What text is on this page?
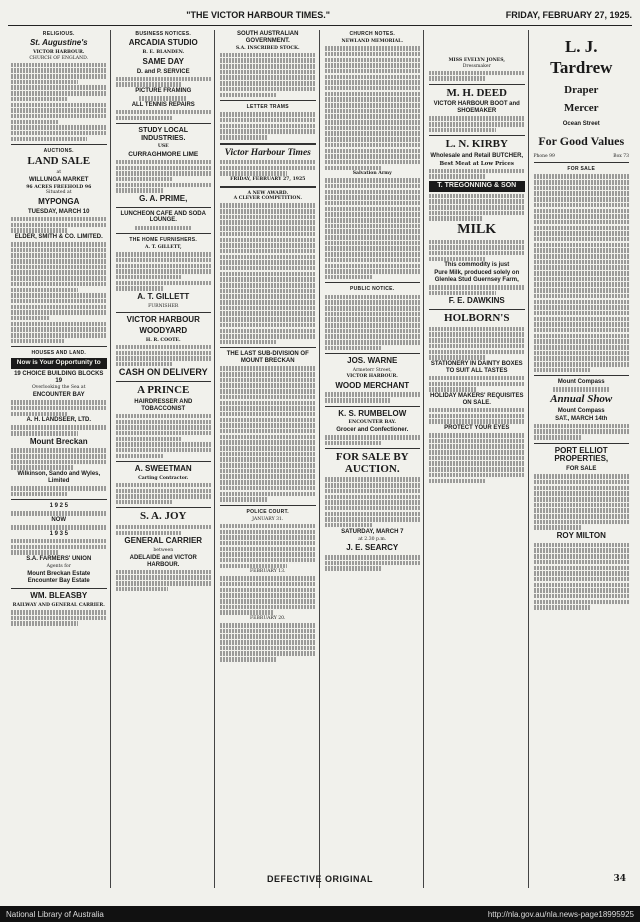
"THE VICTOR HARBOUR TIMES."	FRIDAY, FEBRUARY 27, 1925.
RELIGIOUS.
St. Augustine's
VICTOR HARBOUR.
CHURCH OF ENGLAND.
AUCTIONS.
LAND SALE
at
WILLUNGA MARKET
96 ACRES FREEHOLD 96
Situated at
MYPONGA
TUESDAY, MARCH 10
ELDER, SMITH & CO. LIMITED.
HOUSES AND LAND.
Now is Your Opportunity to
19 CHOICE BUILDING BLOCKS 19
Overlooking the Sea at
ENCOUNTER BAY
A. H. LANDSEER, LTD.
Mount Breckan
Wilkinson, Sando and Wyles, Limited
1 9 2 5
NOW
1 9 3 5
S.A. FARMERS' UNION
Agents for
Mount Breckan Estate
Encounter Bay Estate
WM. BLEASBY
RAILWAY AND GENERAL CARRIER.
BUSINESS NOTICES.
ARCADIA STUDIO
B. E. BLANDEN.
SAME DAY
D. and P. SERVICE
PICTURE FRAMING
ALL TENNIS REPAIRS
STUDY LOCAL INDUSTRIES.
USE
CURRAGHMORE LIME
G. A. PRIME,
LUNCHEON CAFE AND SODA LOUNGE.
THE HOME FURNISHERS.
A. T. GILLETT,
A. T. GILLETT
FURNISHER
VICTOR HARBOUR
WOODYARD
H. R. COOTE.
CASH ON DELIVERY
A PRINCE
HAIRDRESSER AND TOBACCONIST
A. SWEETMAN
Carting Contractor.
S. A. JOY
GENERAL CARRIER
between
ADELAIDE and VICTOR HARBOUR.
SOUTH AUSTRALIAN GOVERNMENT.
S.A. INSCRIBED STOCK.
LETTER TRAMS
Victor Harbour Times
FRIDAY, FEBRUARY 27, 1925
A NEW AWARD.
A CLEVER COMPETITION.
THE LAST SUB-DIVISION OF MOUNT BRECKAN
POLICE COURT.
JANUARY 31.
FEBRUARY 13.
FEBRUARY 20.
CHURCH NOTES.
NEWLAND MEMORIAL.
Salvation Army
PUBLIC NOTICE.
JOS. WARNE
Armeterr Street,
VICTOR HARBOUR.
WOOD MERCHANT
K. S. RUMBELOW
ENCOUNTER BAY.
Grocer and Confectioner.
FOR SALE BY AUCTION.
SATURDAY, MARCH 7
at 2.30 p.m.
J. E. SEARCY
MISS EVELYN JONES,
Dressmaker
M. H. DEED
VICTOR HARBOUR BOOT and SHOEMAKER
L. N. KIRBY
Wholesale and Retail BUTCHER,
Best Meat at Low Prices
T. TREGONNING & SON
MILK
This commodity is just
Pure Milk, produced solely on Glenlea Stud Guernsey Farm,
F. E. DAWKINS
HOLBORN'S
STATIONERY IN DAINTY BOXES TO SUIT ALL TASTES
HOLIDAY MAKERS' REQUISITES ON SALE.
PROTECT YOUR EYES
L. J. Tardrew
Draper
Mercer
Ocean Street
For Good Values
Phone 99	Box 73
FOR SALE
Mount Compass
Annual Show
Mount Compass
SAT., MARCH 14th
PORT ELLIOT PROPERTIES,
FOR SALE
ROY MILTON
DEFECTIVE ORIGINAL	34
National Library of Australia	http://nla.gov.au/nla.news-page18995925
